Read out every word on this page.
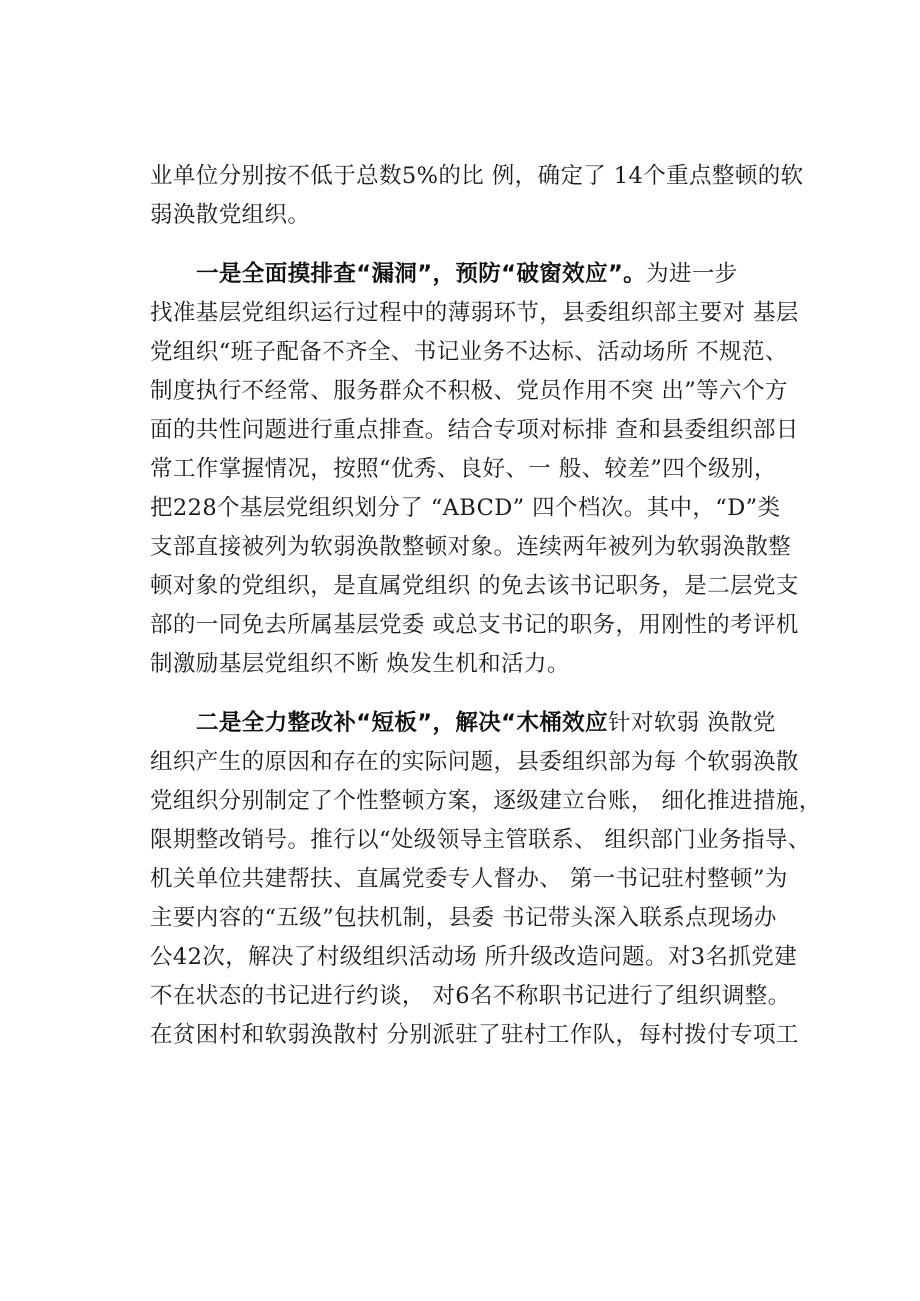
业单位分别按不低于总数5%的比 例，确定了 14个重点整顿的软
弱涣散党组织。
一是全面摸排查“漏洞”，预防“破窗效应”。为进一步
找准基层党组织运行过程中的薄弱环节，县委组织部主要对 基层
党组织“班子配备不齐全、书记业务不达标、活动场所 不规范、
制度执行不经常、服务群众不积极、党员作用不突 出”等六个方
面的共性问题进行重点排查。结合专项对标排 查和县委组织部日
常工作掌握情况，按照“优秀、良好、一 般、较差”四个级别，
把228个基层党组织划分了 “ABCD” 四个档次。其中，“D”类
支部直接被列为软弱涣散整顿对象。连续两年被列为软弱涣散整
顿对象的党组织，是直属党组织 的免去该书记职务，是二层党支
部的一同免去所属基层党委 或总支书记的职务，用刚性的考评机
制激励基层党组织不断 焕发生机和活力。
二是全力整改补“短板”，解决“木桶效应针对软弱 涣散党
组织产生的原因和存在的实际问题，县委组织部为每 个软弱涣散
党组织分别制定了个性整顿方案，逐级建立台账， 细化推进措施，
限期整改销号。推行以“处级领导主管联系、 组织部门业务指导、
机关单位共建帮扶、直属党委专人督办、 第一书记驻村整顿”为
主要内容的“五级”包扶机制，县委 书记带头深入联系点现场办
公42次，解决了村级组织活动场 所升级改造问题。对3名抓党建
不在状态的书记进行约谈， 对6名不称职书记进行了组织调整。
在贫困村和软弱涣散村 分别派驻了驻村工作队，每村拨付专项工
